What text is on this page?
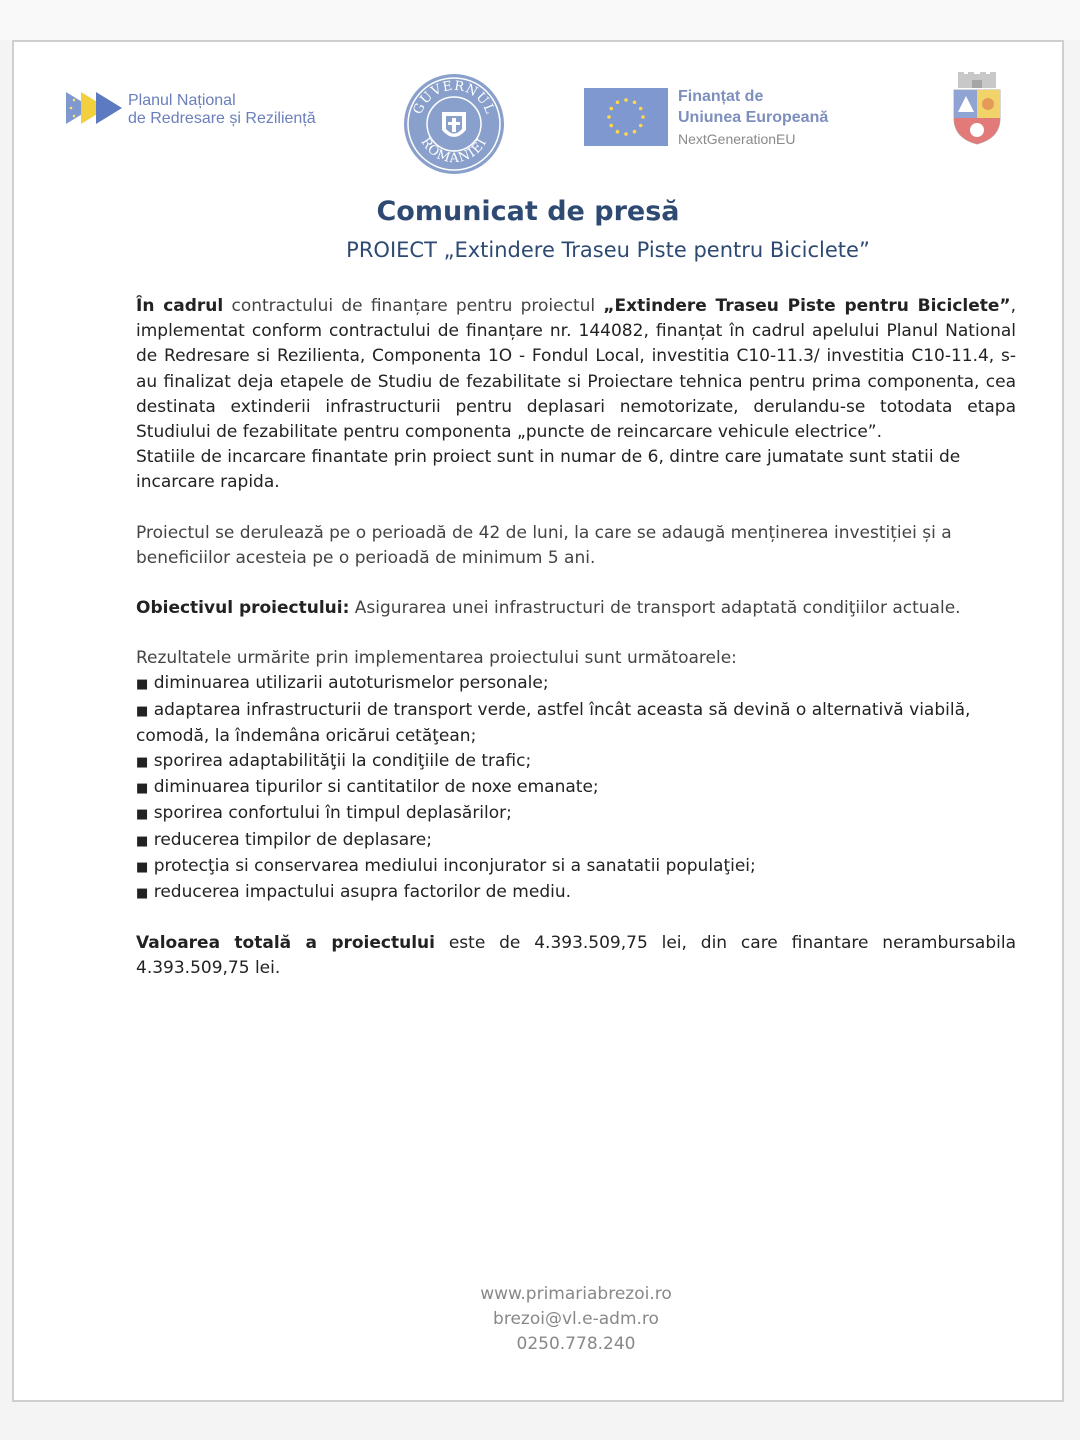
Planul Național
de Redresare și Reziliență
GUVERNUL
ROMÂNIEI
Finanțat de
Uniunea Europeană
NextGenerationEU
Comunicat de presă
PROIECT „Extindere Traseu Piste pentru Biciclete”

În cadrul contractului de finanțare pentru proiectul „Extindere Traseu Piste pentru Biciclete”, implementat conform contractului de finanțare nr. 144082, finanțat în cadrul apelului Planul National de Redresare si Rezilienta, Componenta 1O - Fondul Local, investitia C10-11.3/ investitia C10-11.4, s-au finalizat deja etapele de Studiu de fezabilitate si Proiectare tehnica pentru prima componenta, cea destinata extinderii infrastructurii pentru deplasari nemotorizate, derulandu-se totodata etapa Studiului de fezabilitate pentru componenta „puncte de reincarcare vehicule electrice”.

Statiile de incarcare finantate prin proiect sunt in numar de 6, dintre care jumatate sunt statii de incarcare rapida.

Proiectul se derulează pe o perioadă de 42 de luni, la care se adaugă menținerea investiției și a beneficiilor acesteia pe o perioadă de minimum 5 ani.

Obiectivul proiectului: Asigurarea unei infrastructuri de transport adaptată condiţiilor actuale.

Rezultatele urmărite prin implementarea proiectului sunt următoarele:

■ diminuarea utilizarii autoturismelor personale;
■ adaptarea infrastructurii de transport verde, astfel încât aceasta să devină o alternativă viabilă, comodă, la îndemâna oricărui cetăţean;
■ sporirea adaptabilităţii la condiţiile de trafic;
■ diminuarea tipurilor si cantitatilor de noxe emanate;
■ sporirea confortului în timpul deplasărilor;
■ reducerea timpilor de deplasare;
■ protecţia si conservarea mediului inconjurator si a sanatatii populaţiei;
■ reducerea impactului asupra factorilor de mediu.

Valoarea totală a proiectului este de 4.393.509,75 lei, din care finantare nerambursabila 4.393.509,75 lei.

www.primariabrezoi.ro
brezoi@vl.e-adm.ro
0250.778.240
